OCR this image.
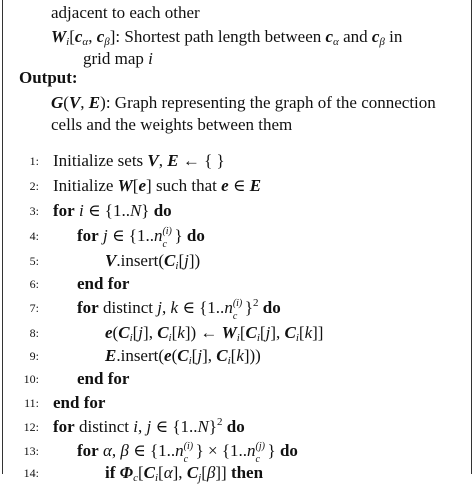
adjacent to each other
$W_i[c_\alpha$, $c_\beta$]: Shortest path length between $c_\alpha$ and $c_\beta$ in
grid map i
Output:
G(V, E): Graph representing the graph of the connection
cells and the weights between them
1: Initialize sets V, E ← { }
2: Initialize W[e] such that e ∈ E
3: for i ∈ {1..N} do
4: for j ∈ {1..n (i)
c } do
5:	$V.insert(C_i[j])$
6: end for
7: for distinct j, k ∈ {1..n (i)
c }$^2$ do
8:	$e(C_i[j]$, $C_i[k]$) ← $W_i[C_i[j]$, $C_i[k]$]
9:	$E.insert(e(C_i[j]$, $C_i[k]$))
10: end for
11: end for
12: for distinct i, j ∈ $\{1..N\}^2$ do
13: for α, β ∈ {1..n (i)
c } × {1..n (j)
c } do
14:	if $\Phi_c[C_i[\alpha]$, $C_j[\beta]$] then
